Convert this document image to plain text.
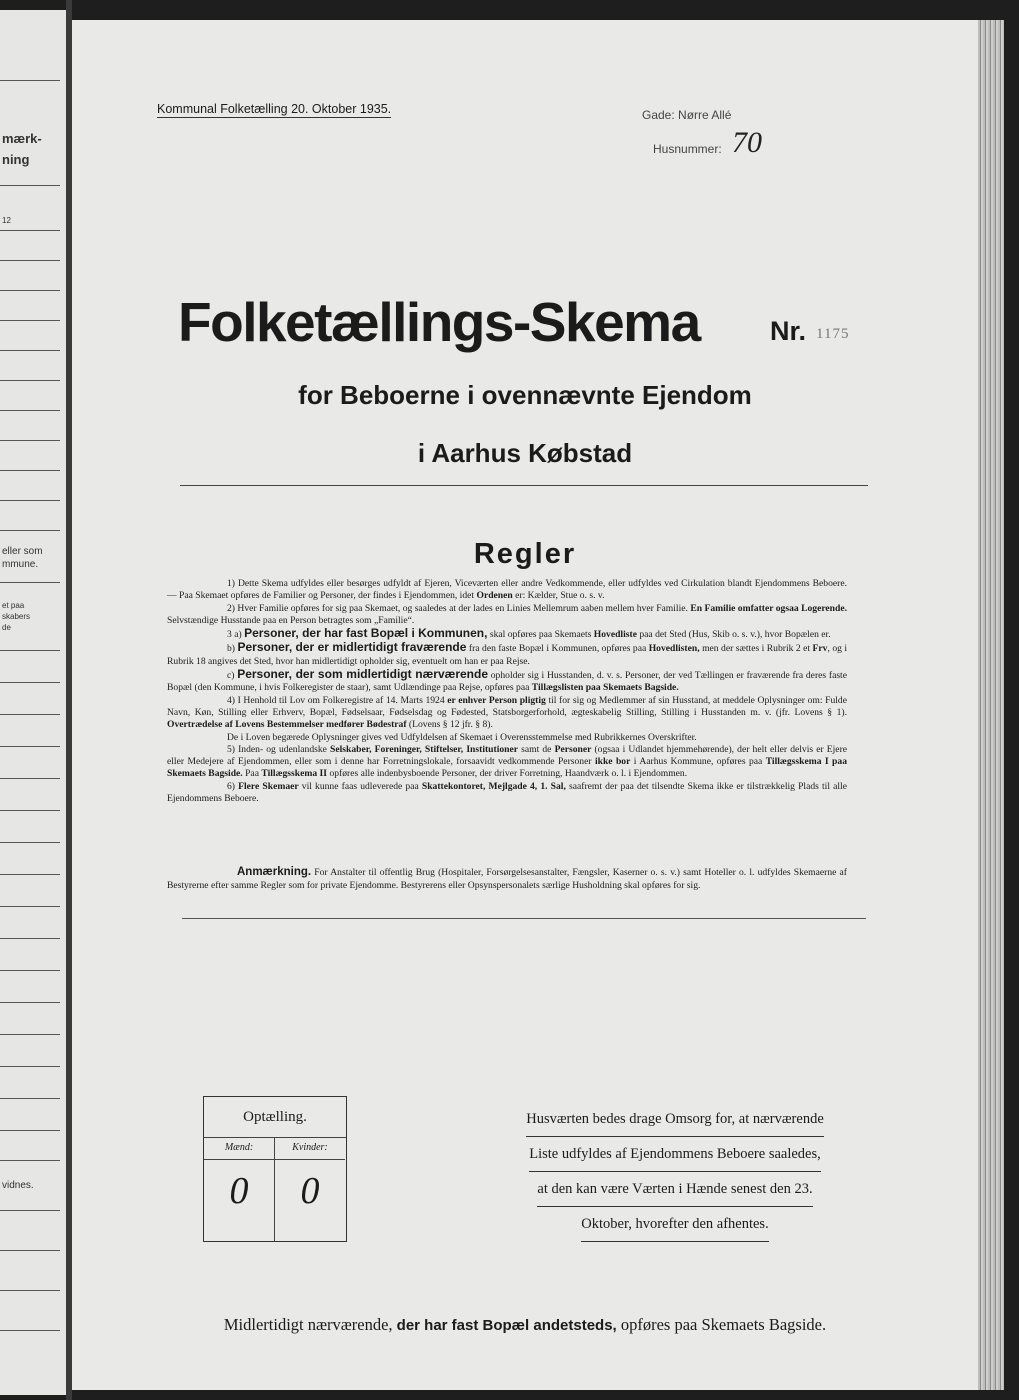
mærk-
ning
12
eller som
mmune.
et paa
skabers
de
vidnes.
Kommunal Folketælling 20. Oktober 1935.	Gade: Nørre Allé
Husnummer: 70
Folketællings-Skema	Nr. 1175
for Beboerne i ovennævnte Ejendom
i Aarhus Købstad
Regler

1) Dette Skema udfyldes eller besørges udfyldt af Ejeren, Viceværten eller andre Vedkommende, eller udfyldes ved Cirkulation blandt Ejendommens Beboere. — Paa Skemaet opføres de Familier og Personer, der findes i Ejendommen, idet Ordenen er: Kælder, Stue o. s. v.

2) Hver Familie opføres for sig paa Skemaet, og saaledes at der lades en Linies Mellemrum aaben mellem hver Familie. En Familie omfatter ogsaa Logerende. Selvstændige Husstande paa en Person betragtes som „Familie“.

3 a) Personer, der har fast Bopæl i Kommunen, skal opføres paa Skemaets Hovedliste paa det Sted (Hus, Skib o. s. v.), hvor Bopælen er.

b) Personer, der er midlertidigt fraværende fra den faste Bopæl i Kommunen, opføres paa Hovedlisten, men der sættes i Rubrik 2 et Frv, og i Rubrik 18 angives det Sted, hvor han midlertidigt opholder sig, eventuelt om han er paa Rejse.

c) Personer, der som midlertidigt nærværende opholder sig i Husstanden, d. v. s. Personer, der ved Tællingen er fraværende fra deres faste Bopæl (den Kommune, i hvis Folkeregister de staar), samt Udlændinge paa Rejse, opføres paa Tillægslisten paa Skemaets Bagside.

4) I Henhold til Lov om Folkeregistre af 14. Marts 1924 er enhver Person pligtig til for sig og Medlemmer af sin Husstand, at meddele Oplysninger om: Fulde Navn, Køn, Stilling eller Erhverv, Bopæl, Fødselsaar, Fødselsdag og Fødested, Statsborgerforhold, ægteskabelig Stilling, Stilling i Husstanden m. v. (jfr. Lovens § 1). Overtrædelse af Lovens Bestemmelser medfører Bødestraf (Lovens § 12 jfr. § 8).

De i Loven begærede Oplysninger gives ved Udfyldelsen af Skemaet i Overensstemmelse med Rubrikkernes Overskrifter.

5) Inden- og udenlandske Selskaber, Foreninger, Stiftelser, Institutioner samt de Personer (ogsaa i Udlandet hjemmehørende), der helt eller delvis er Ejere eller Medejere af Ejendommen, eller som i denne har Forretningslokale, forsaavidt vedkommende Personer ikke bor i Aarhus Kommune, opføres paa Tillægsskema I paa Skemaets Bagside. Paa Tillægsskema II opføres alle indenbysboende Personer, der driver Forretning, Haandværk o. l. i Ejendommen.

6) Flere Skemaer vil kunne faas udleverede paa Skattekontoret, Mejlgade 4, 1. Sal, saafremt der paa det tilsendte Skema ikke er tilstrækkelig Plads til alle Ejendommens Beboere.

Anmærkning. For Anstalter til offentlig Brug (Hospitaler, Forsørgelsesanstalter, Fængsler, Kaserner o. s. v.) samt Hoteller o. l. udfyldes Skemaerne af Bestyrerne efter samme Regler som for private Ejendomme. Bestyrerens eller Opsynspersonalets særlige Husholdning skal opføres for sig.
Optælling.
Mænd:
0
Kvinder:
0
Husværten bedes drage Omsorg for, at nærværende
Liste udfyldes af Ejendommens Beboere saaledes,
at den kan være Værten i Hænde senest den 23.
Oktober, hvorefter den afhentes.
Midlertidigt nærværende, der har fast Bopæl andetsteds, opføres paa Skemaets Bagside.
